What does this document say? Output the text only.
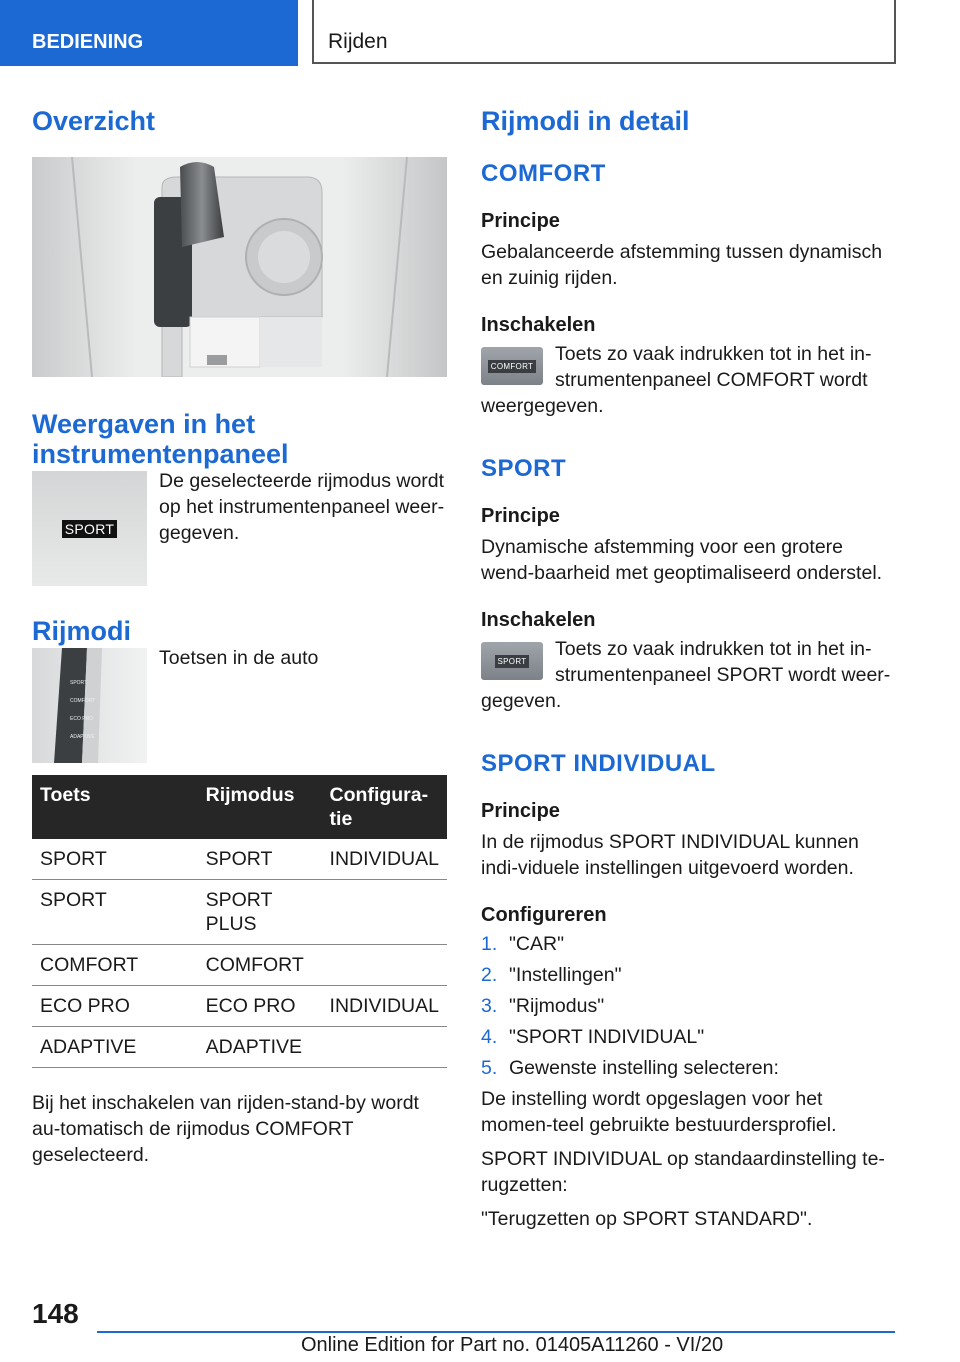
BEDIENING	Rijden
Overzicht
Weergaven in het instrumentenpaneel
SPORT
De geselecteerde rijmodus wordt op het instrumentenpaneel weer-gegeven.
Rijmodi
SPORT
COMFORT
ECO PRO
ADAPTIVE
Toetsen in de auto
Toets	Rijmodus	Configura-tie
SPORT	SPORT	INDIVIDUAL
SPORT	SPORT PLUS	
COMFORT	COMFORT	
ECO PRO	ECO PRO	INDIVIDUAL
ADAPTIVE	ADAPTIVE	

Bij het inschakelen van rijden-stand-by wordt au-tomatisch de rijmodus COMFORT geselecteerd.

Rijmodi in detail
COMFORT
Principe

Gebalanceerde afstemming tussen dynamisch en zuinig rijden.

Inschakelen
COMFORT
Toets zo vaak indrukken tot in het in-
strumentenpaneel COMFORT wordt
weergegeven.
SPORT
Principe

Dynamische afstemming voor een grotere wend-baarheid met geoptimaliseerd onderstel.

Inschakelen
SPORT
Toets zo vaak indrukken tot in het in-
strumentenpaneel SPORT wordt weer-
gegeven.
SPORT INDIVIDUAL
Principe

In de rijmodus SPORT INDIVIDUAL kunnen indi-viduele instellingen uitgevoerd worden.

Configureren
1. "CAR"
2. "Instellingen"
3. "Rijmodus"
4. "SPORT INDIVIDUAL"
5. Gewenste instelling selecteren:

De instelling wordt opgeslagen voor het momen-teel gebruikte bestuurdersprofiel.

SPORT INDIVIDUAL op standaardinstelling te-rugzetten:

"Terugzetten op SPORT STANDARD".

148
Online Edition for Part no. 01405A11260 - VI/20
